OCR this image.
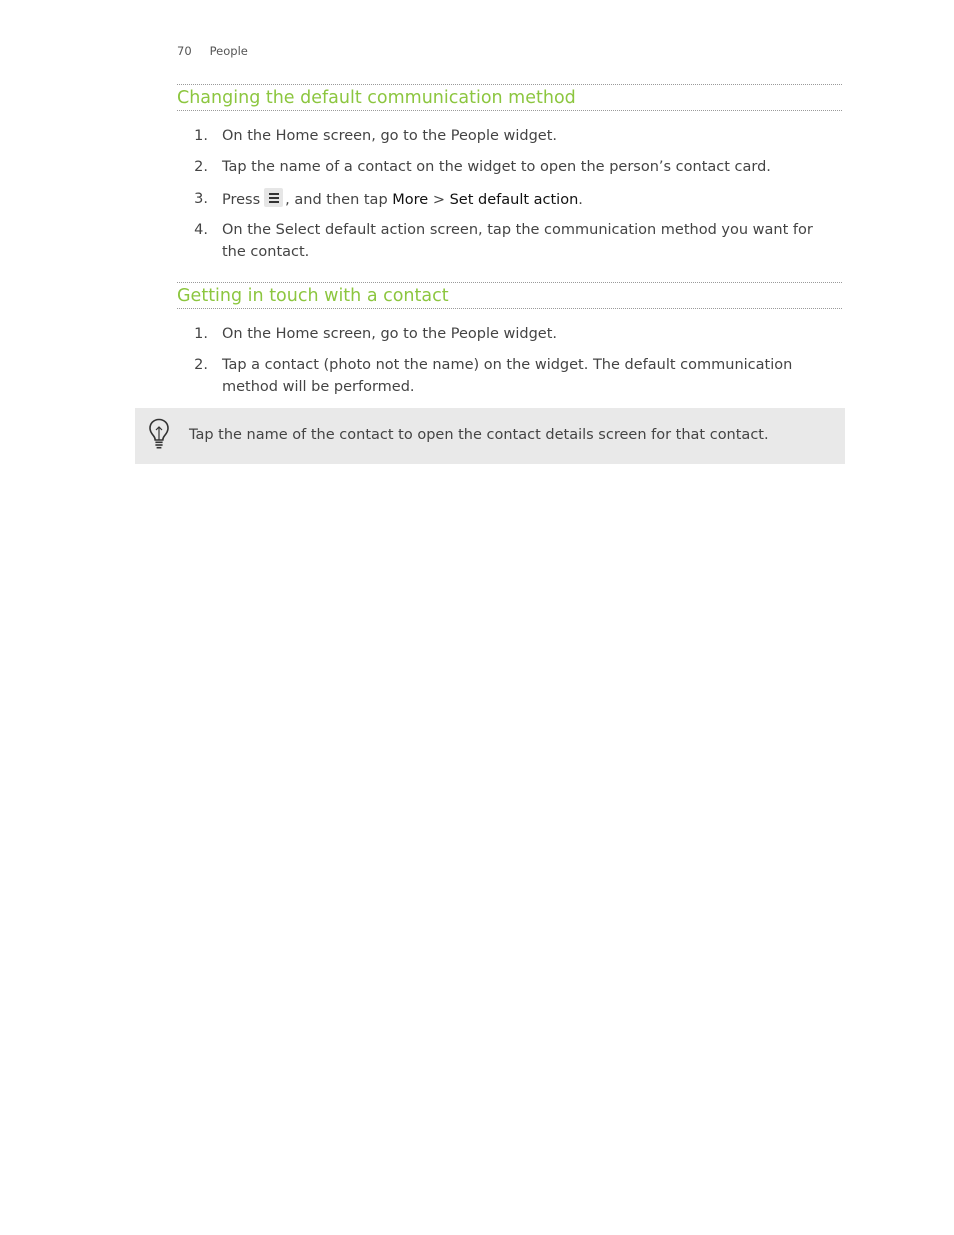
70 People
Changing the default communication method
1. On the Home screen, go to the People widget.
2. Tap the name of a contact on the widget to open the person’s contact card.
3. Press , and then tap More > Set default action.
4. On the Select default action screen, tap the communication method you want for the contact.
Getting in touch with a contact
1. On the Home screen, go to the People widget.
2. Tap a contact (photo not the name) on the widget. The default communication method will be performed.
Tap the name of the contact to open the contact details screen for that contact.
